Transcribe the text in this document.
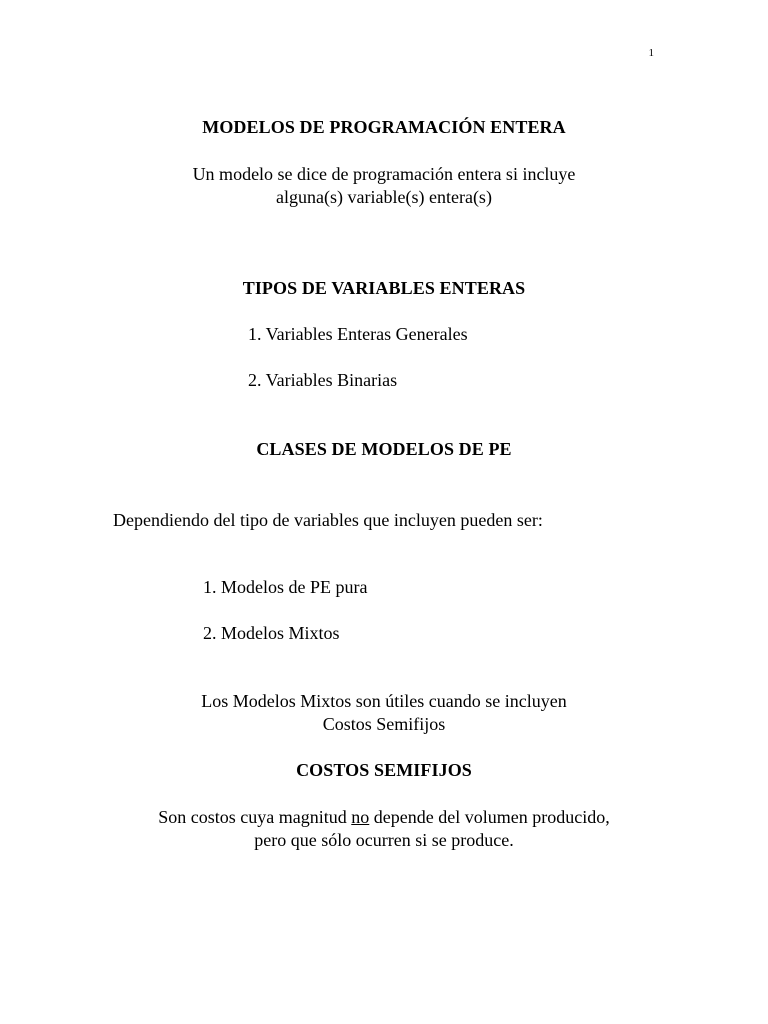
1
MODELOS DE PROGRAMACIÓN ENTERA
Un modelo se dice de programación entera si incluye
alguna(s) variable(s) entera(s)
TIPOS DE VARIABLES ENTERAS
1. Variables Enteras Generales
2. Variables Binarias
CLASES DE MODELOS DE PE
Dependiendo del tipo de variables que incluyen pueden ser:
1. Modelos de PE pura
2. Modelos Mixtos
Los Modelos Mixtos son útiles cuando se incluyen
Costos Semifijos
COSTOS SEMIFIJOS
Son costos cuya magnitud no depende del volumen producido,
pero que sólo ocurren si se produce.
